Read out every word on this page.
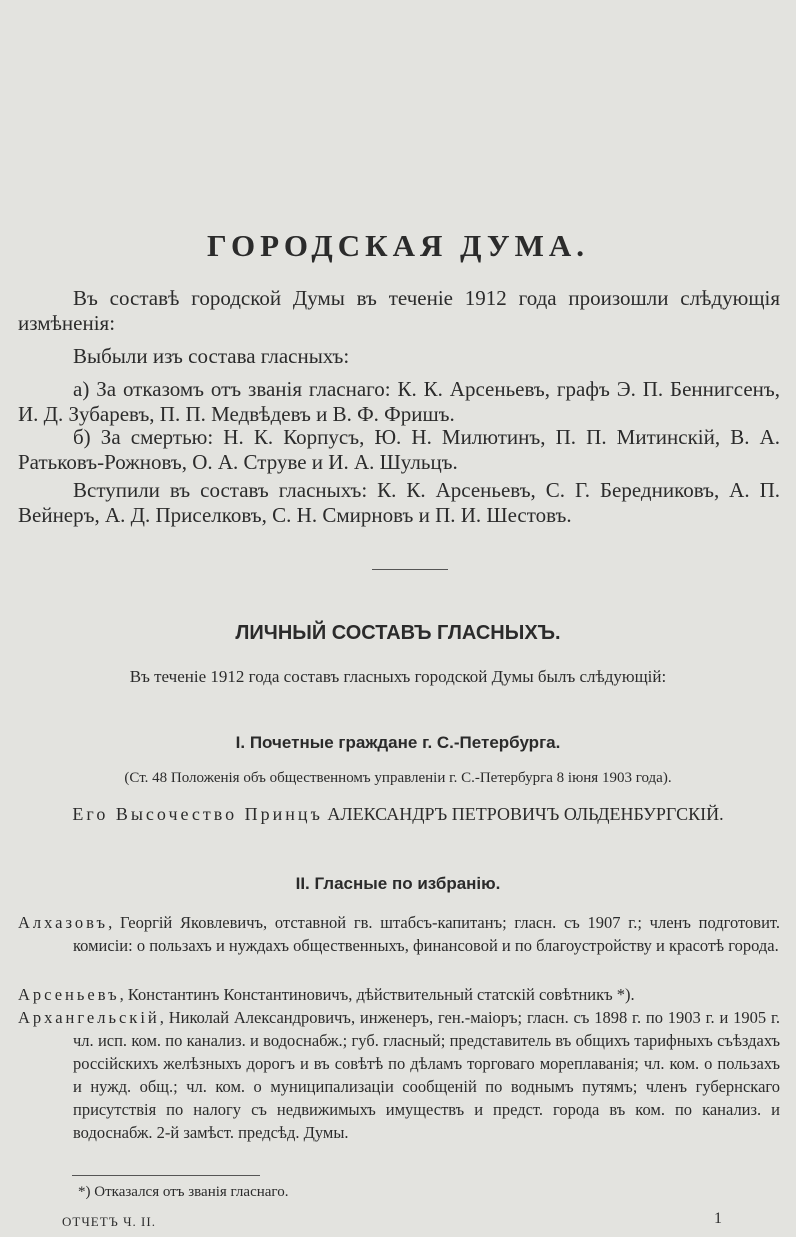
ГОРОДСКАЯ ДУМА.
Въ составѣ городской Думы въ теченіе 1912 года произошли слѣдующія измѣненія:
Выбыли изъ состава гласныхъ:
а) За отказомъ отъ званія гласнаго: К. К. Арсеньевъ, графъ Э. П. Беннигсенъ, И. Д. Зубаревъ, П. П. Медвѣдевъ и В. Ф. Фришъ.
б) За смертью: Н. К. Корпусъ, Ю. Н. Милютинъ, П. П. Митинскій, В. А. Ратьковъ-Рожновъ, О. А. Струве и И. А. Шульцъ.
Вступили въ составъ гласныхъ: К. К. Арсеньевъ, С. Г. Бередниковъ, А. П. Вейнеръ, А. Д. Приселковъ, С. Н. Смирновъ и П. И. Шестовъ.
ЛИЧНЫЙ СОСТАВЪ ГЛАСНЫХЪ.
Въ теченіе 1912 года составъ гласныхъ городской Думы былъ слѣдующій:
I. Почетные граждане г. С.-Петербурга.
(Ст. 48 Положенія объ общественномъ управленіи г. С.-Петербурга 8 іюня 1903 года).
Его Высочество Принцъ АЛЕКСАНДРЪ ПЕТРОВИЧЪ ОЛЬДЕНБУРГСКІЙ.
II. Гласные по избранію.
Алхазовъ, Георгій Яковлевичъ, отставной гв. штабсъ-капитанъ; гласн. съ 1907 г.; членъ подготовит. комисіи: о пользахъ и нуждахъ общественныхъ, финансовой и по благоустройству и красотѣ города.
Арсеньевъ, Константинъ Константиновичъ, дѣйствительный статскій совѣтникъ *).
Архангельскій, Николай Александровичъ, инженеръ, ген.-маіоръ; гласн. съ 1898 г. по 1903 г. и 1905 г. чл. исп. ком. по канализ. и водоснабж.; губ. гласный; представитель въ общихъ тарифныхъ съѣздахъ россійскихъ желѣзныхъ дорогъ и въ совѣтѣ по дѣламъ торговаго мореплаванія; чл. ком. о пользахъ и нужд. общ.; чл. ком. о муниципализаціи сообщеній по воднымъ путямъ; членъ губернскаго присутствія по налогу съ недвижимыхъ имуществъ и предст. города въ ком. по канализ. и водоснабж. 2-й замѣст. предсѣд. Думы.
*) Отказался отъ званія гласнаго.
ОТЧЕТЪ Ч. II.	1
